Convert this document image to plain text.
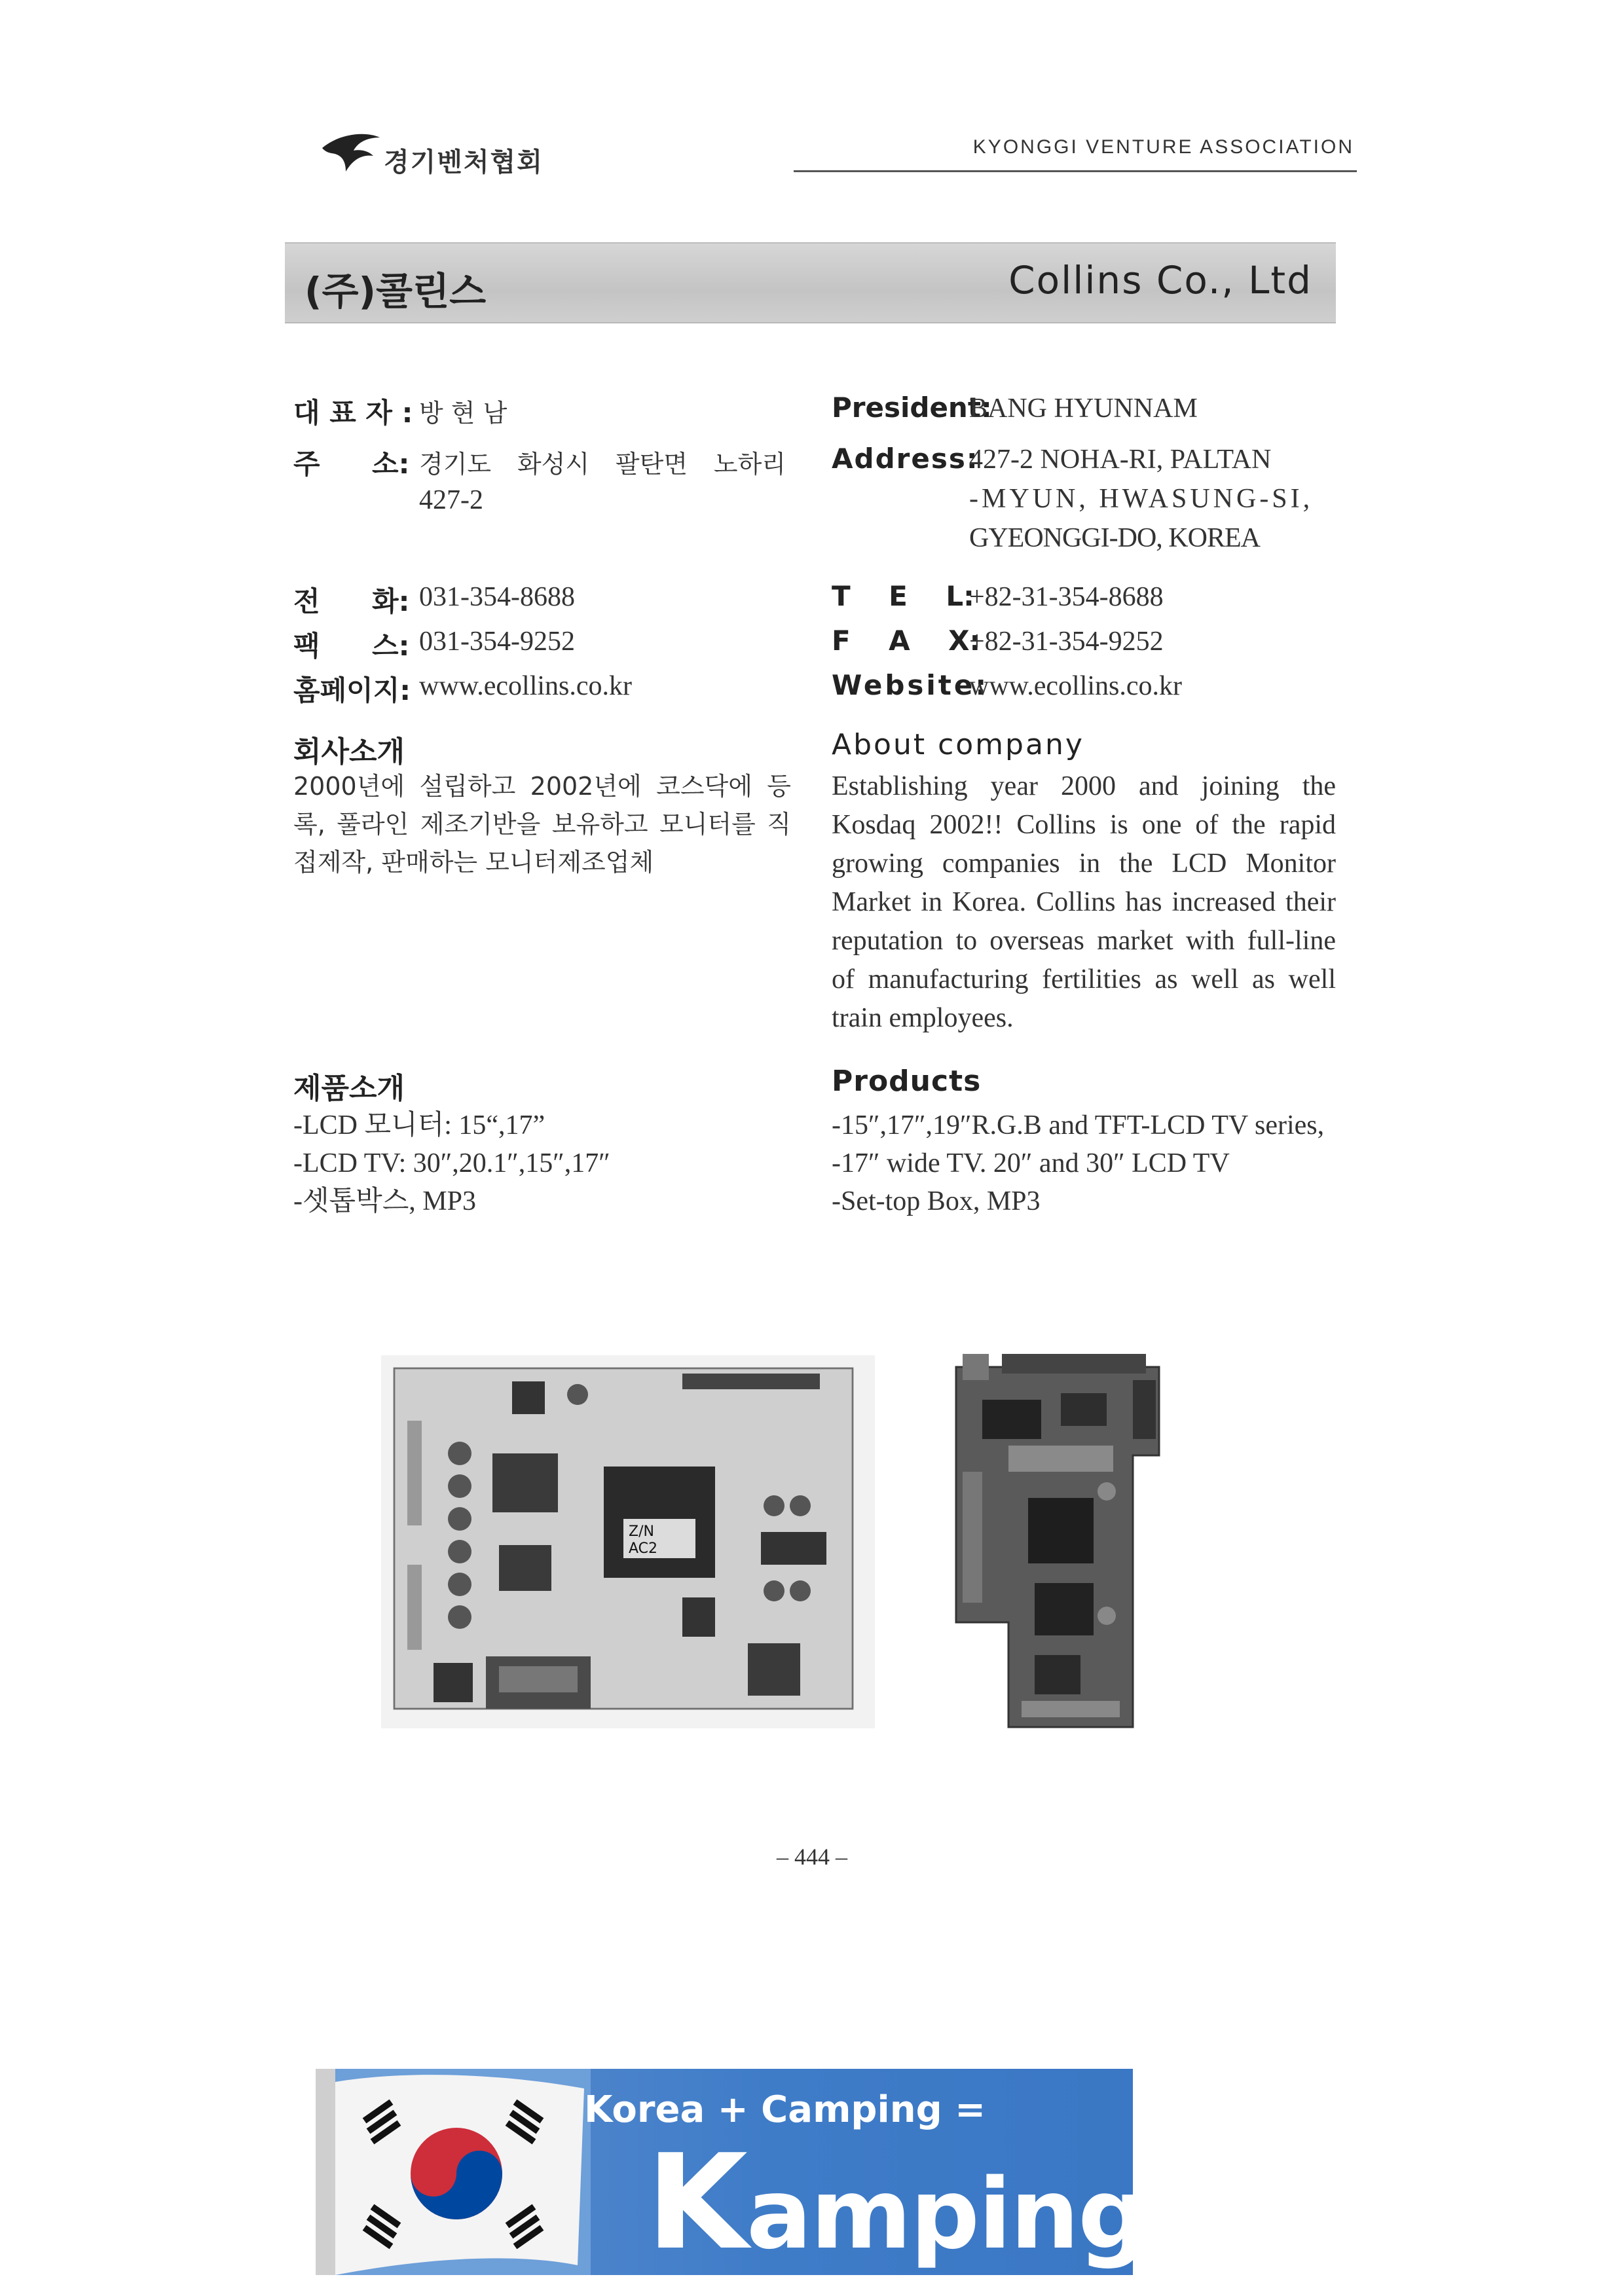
경기벤처협회
KYONGGI VENTURE ASSOCIATION
(주)콜린스	Collins Co., Ltd
대 표 자 : 방 현 남
주 소: 경기도 화성시 팔탄면 노하리
427-2
전 화: 031-354-8688
팩 스: 031-354-9252
홈페이지: www.ecollins.co.kr
President:
BANG HYUNNAM
Address:
427-2 NOHA-RI, PALTAN
-MYUN, HWASUNG-SI,
GYEONGGI-DO, KOREA
T    E    L:
+82-31-354-8688
F    A    X:
+82-31-354-9252
Website:
www.ecollins.co.kr
회사소개
2000년에 설립하고 2002년에 코스닥에 등록, 풀라인 제조기반을 보유하고 모니터를 직접제작, 판매하는 모니터제조업체
About company
Establishing year 2000 and joining the Kosdaq 2002!! Collins is one of the rapid growing companies in the LCD Monitor Market in Korea. Collins has increased their reputation to overseas market with full-line of manufacturing fertilities as well as well train employees.
제품소개
-LCD 모니터: 15“,17”
-LCD TV: 30″,20.1″,15″,17″
-셋톱박스, MP3
Products
-15″,17″,19″R.G.B and TFT-LCD TV series,
-17″ wide TV. 20″ and 30″ LCD TV
-Set-top Box, MP3
Z/N
AC2
– 444 –
Korea + Camping =
Kamping.co.kr
